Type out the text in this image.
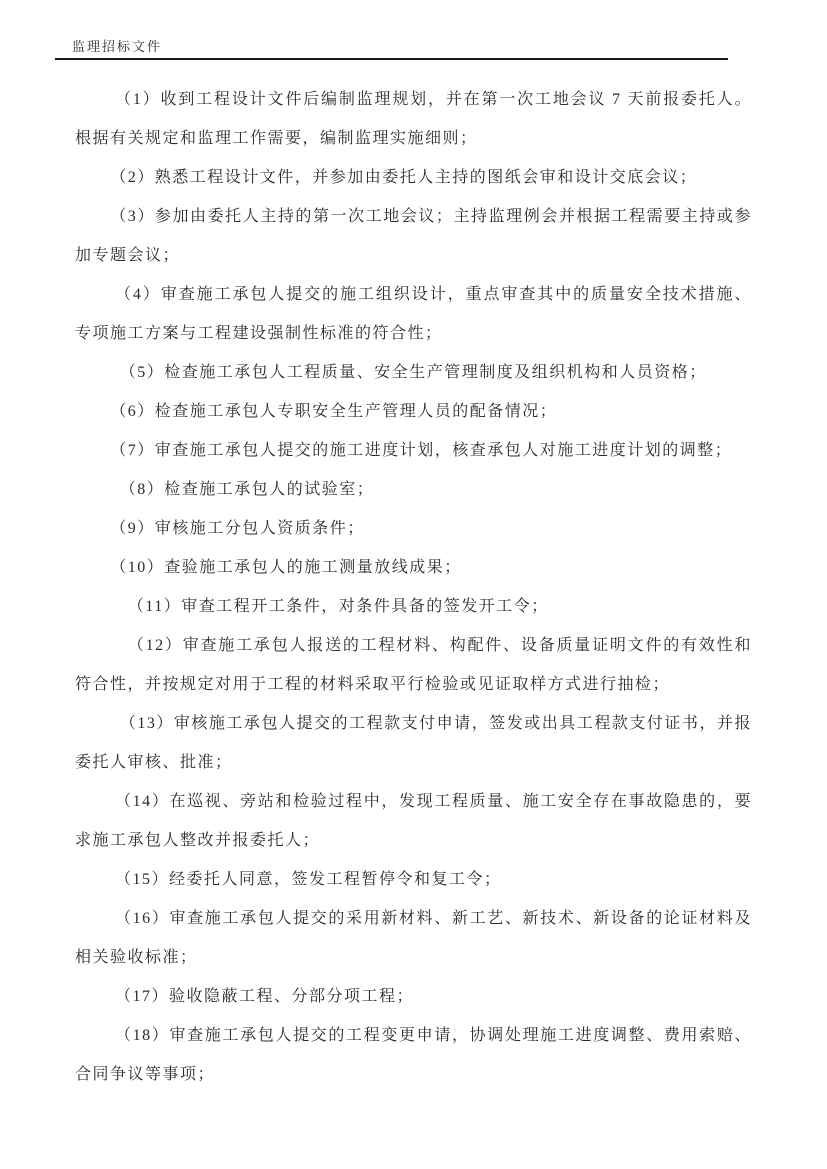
监理招标文件

（1）收到工程设计文件后编制监理规划，并在第一次工地会议 7 天前报委托人。根据有关规定和监理工作需要，编制监理实施细则；

（2）熟悉工程设计文件，并参加由委托人主持的图纸会审和设计交底会议；

（3）参加由委托人主持的第一次工地会议；主持监理例会并根据工程需要主持或参加专题会议；

（4）审查施工承包人提交的施工组织设计，重点审查其中的质量安全技术措施、专项施工方案与工程建设强制性标准的符合性；

（5）检查施工承包人工程质量、安全生产管理制度及组织机构和人员资格；

（6）检查施工承包人专职安全生产管理人员的配备情况；

（7）审查施工承包人提交的施工进度计划，核查承包人对施工进度计划的调整；

（8）检查施工承包人的试验室；

（9）审核施工分包人资质条件；

（10）查验施工承包人的施工测量放线成果；

（11）审查工程开工条件，对条件具备的签发开工令；

（12）审查施工承包人报送的工程材料、构配件、设备质量证明文件的有效性和符合性，并按规定对用于工程的材料采取平行检验或见证取样方式进行抽检；

（13）审核施工承包人提交的工程款支付申请，签发或出具工程款支付证书，并报委托人审核、批准；

（14）在巡视、旁站和检验过程中，发现工程质量、施工安全存在事故隐患的，要求施工承包人整改并报委托人；

（15）经委托人同意，签发工程暂停令和复工令；

（16）审查施工承包人提交的采用新材料、新工艺、新技术、新设备的论证材料及相关验收标准；

（17）验收隐蔽工程、分部分项工程；

（18）审查施工承包人提交的工程变更申请，协调处理施工进度调整、费用索赔、合同争议等事项；
